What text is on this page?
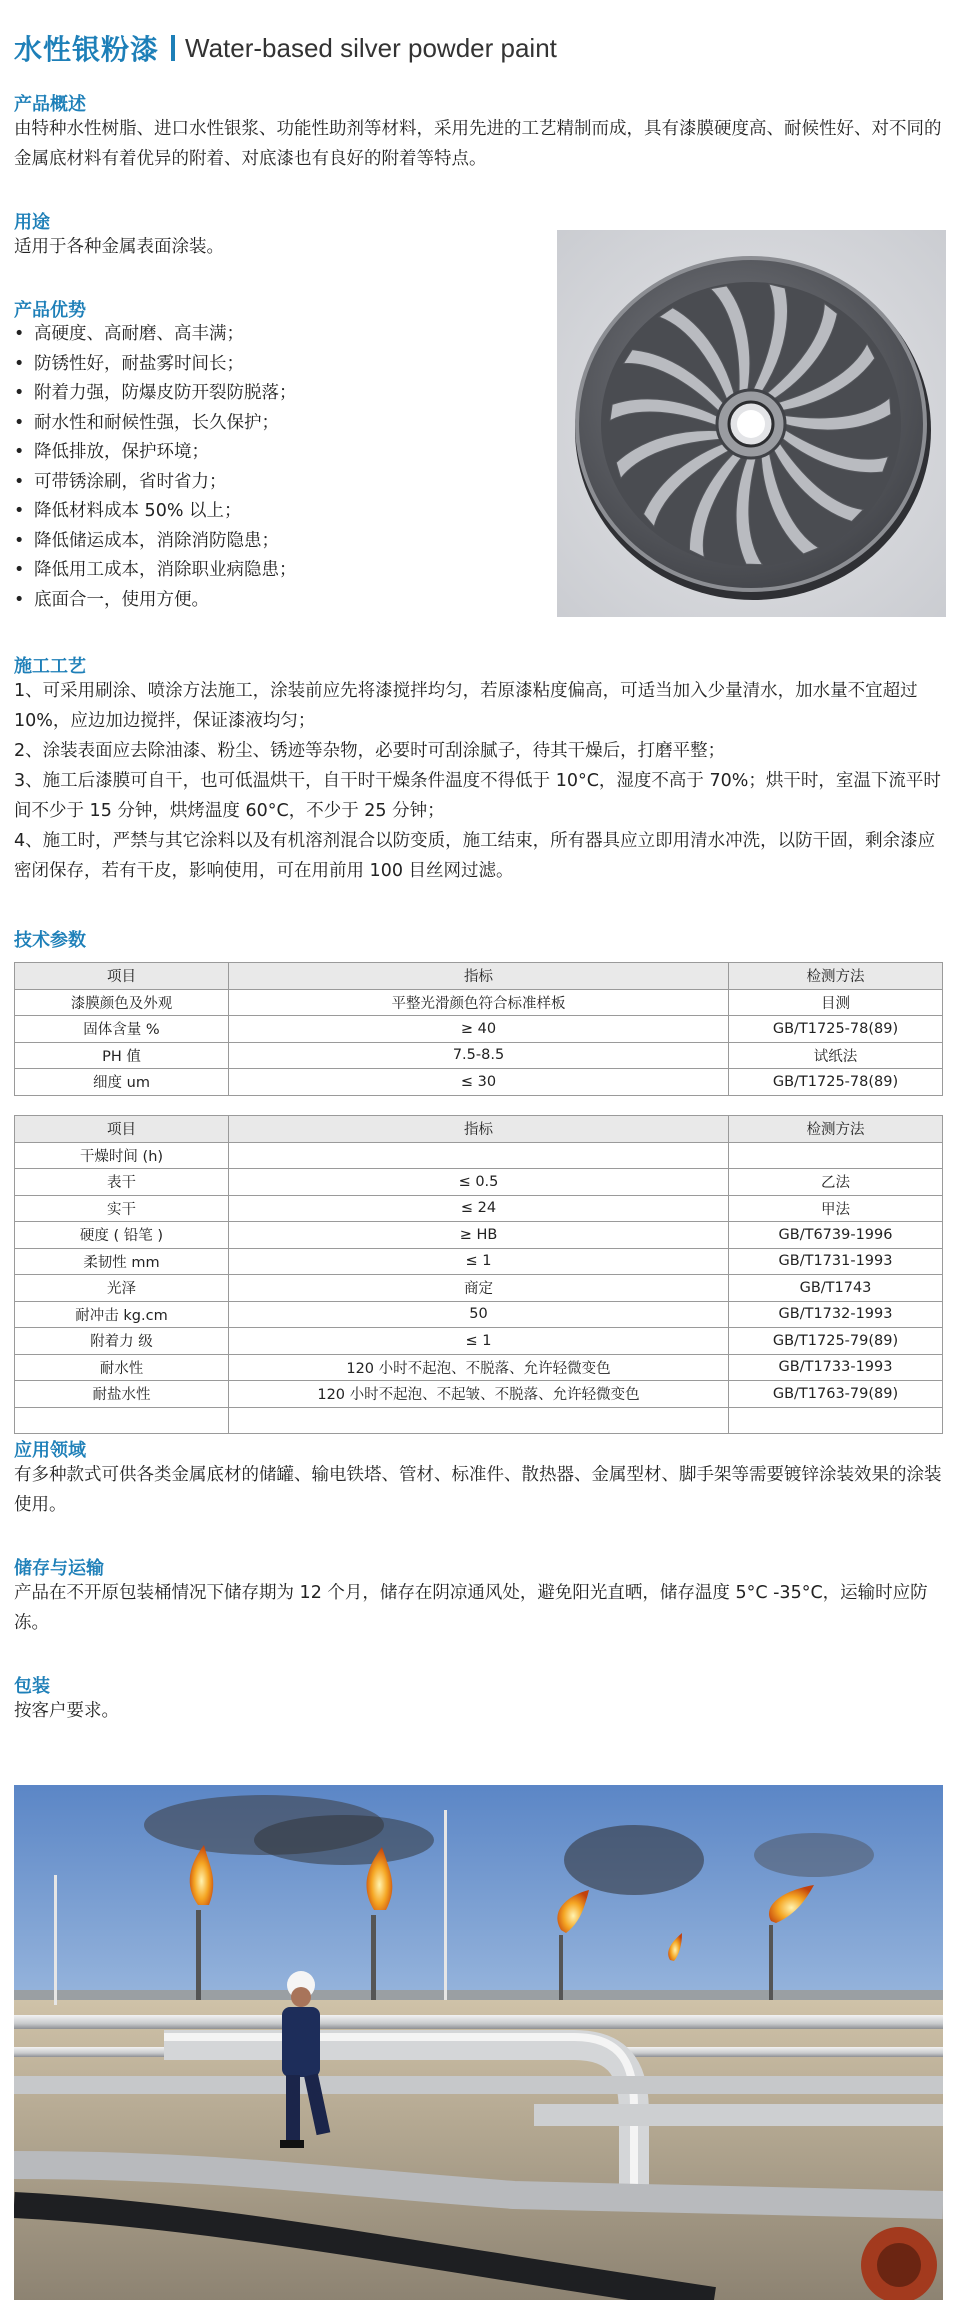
水性银粉漆 Water-based silver powder paint
产品概述
由特种水性树脂、进口水性银浆、功能性助剂等材料，采用先进的工艺精制而成，具有漆膜硬度高、耐候性好、对不同的金属底材料有着优异的附着、对底漆也有良好的附着等特点。
用途
适用于各种金属表面涂装。
产品优势
• 高硬度、高耐磨、高丰满；
• 防锈性好，耐盐雾时间长；
• 附着力强，防爆皮防开裂防脱落；
• 耐水性和耐候性强，长久保护；
• 降低排放，保护环境；
• 可带锈涂刷，省时省力；
• 降低材料成本 50% 以上；
• 降低储运成本，消除消防隐患；
• 降低用工成本，消除职业病隐患；
• 底面合一，使用方便。
施工工艺
1、可采用刷涂、喷涂方法施工，涂装前应先将漆搅拌均匀，若原漆粘度偏高，可适当加入少量清水，加水量不宜超过 10%，应边加边搅拌，保证漆液均匀；
2、涂装表面应去除油漆、粉尘、锈迹等杂物，必要时可刮涂腻子，待其干燥后，打磨平整；
3、施工后漆膜可自干，也可低温烘干，自干时干燥条件温度不得低于 10°C，湿度不高于 70%；烘干时，室温下流平时间不少于 15 分钟，烘烤温度 60°C，不少于 25 分钟；
4、施工时，严禁与其它涂料以及有机溶剂混合以防变质，施工结束，所有器具应立即用清水冲洗，以防干固，剩余漆应密闭保存，若有干皮，影响使用，可在用前用 100 目丝网过滤。
技术参数
项目	指标	检测方法
漆膜颜色及外观	平整光滑颜色符合标准样板	目测
固体含量 %	≥ 40	GB/T1725-78(89)
PH 值	7.5-8.5	试纸法
细度 um	≤ 30	GB/T1725-78(89)
项目	指标	检测方法
干燥时间 (h)		
表干	≤ 0.5	乙法
实干	≤ 24	甲法
硬度 ( 铅笔 )	≥ HB	GB/T6739-1996
柔韧性 mm	≤ 1	GB/T1731-1993
光泽	商定	GB/T1743
耐冲击 kg.cm	50	GB/T1732-1993
附着力 级	≤ 1	GB/T1725-79(89)
耐水性	120 小时不起泡、不脱落、允许轻微变色	GB/T1733-1993
耐盐水性	120 小时不起泡、不起皱、不脱落、允许轻微变色	GB/T1763-79(89)

应用领域
有多种款式可供各类金属底材的储罐、输电铁塔、管材、标准件、散热器、金属型材、脚手架等需要镀锌涂装效果的涂装使用。
储存与运输
产品在不开原包装桶情况下储存期为 12 个月，储存在阴凉通风处，避免阳光直晒，储存温度 5°C -35°C，运输时应防冻。
包装
按客户要求。
